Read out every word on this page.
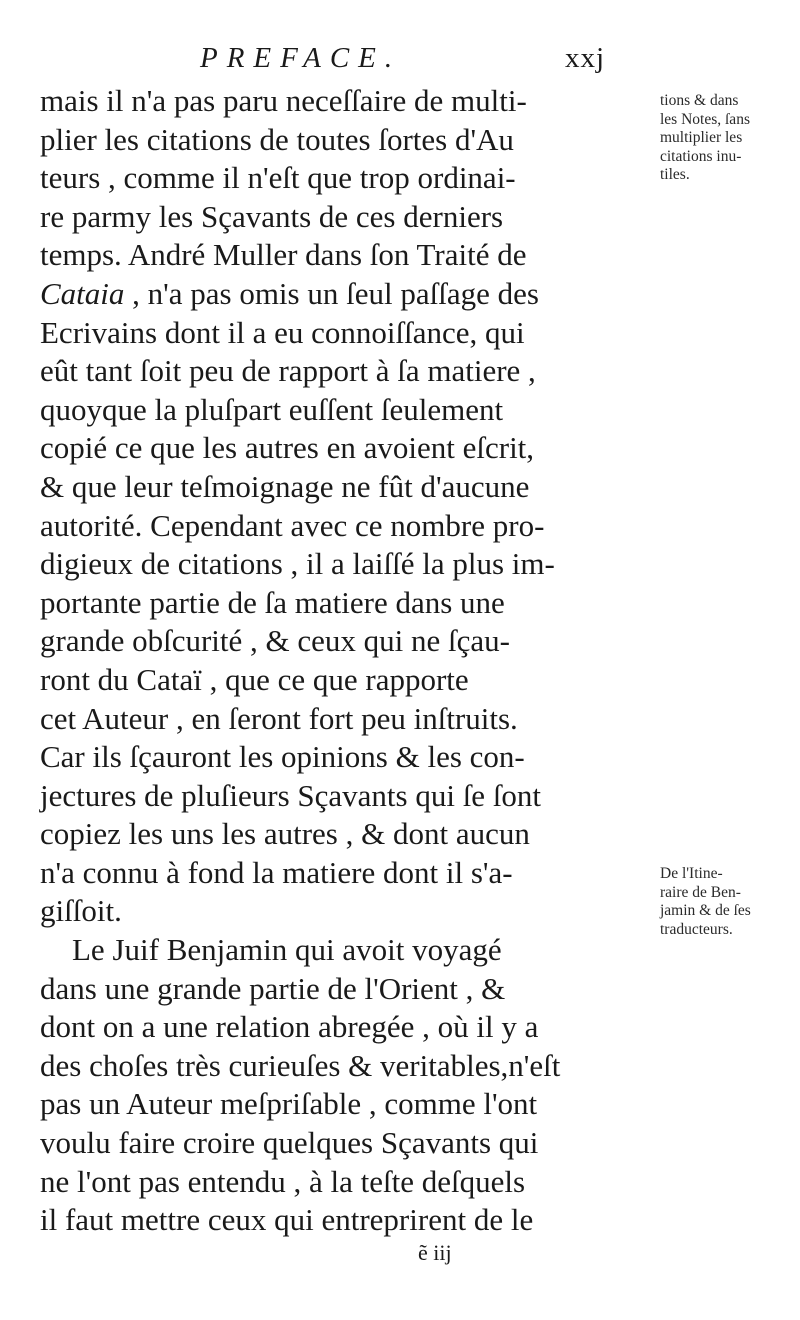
PREFACE.	xxj
mais il n'a pas paru neceſſaire de multi-
plier les citations de toutes ſortes d'Au
teurs , comme il n'eſt que trop ordinai-
re parmy les Sçavants de ces derniers
temps. André Muller dans ſon Traité de
Cataia , n'a pas omis un ſeul paſſage des
Ecrivains dont il a eu connoiſſance, qui
eût tant ſoit peu de rapport à ſa matiere ,
quoyque la pluſpart euſſent ſeulement
copié ce que les autres en avoient eſcrit,
& que leur teſmoignage ne fût d'aucune
autorité. Cependant avec ce nombre pro-
digieux de citations , il a laiſſé la plus im-
portante partie de ſa matiere dans une
grande obſcurité , & ceux qui ne ſçau-
ront du Cataï , que ce que rapporte
cet Auteur , en ſeront fort peu inſtruits.
Car ils ſçauront les opinions & les con-
jectures de pluſieurs Sçavants qui ſe ſont
copiez les uns les autres , & dont aucun
n'a connu à fond la matiere dont il s'a-
giſſoit.
Le Juif Benjamin qui avoit voyagé
dans une grande partie de l'Orient , &
dont on a une relation abregée , où il y a
des choſes très curieuſes & veritables,n'eſt
pas un Auteur meſpriſable , comme l'ont
voulu faire croire quelques Sçavants qui
ne l'ont pas entendu , à la teſte deſquels
il faut mettre ceux qui entreprirent de le
tions & dans
les Notes, ſans
multiplier les
citations inu-
tiles.
De l'Itine-
raire de Ben-
jamin & de ſes
traducteurs.
ẽ iij
